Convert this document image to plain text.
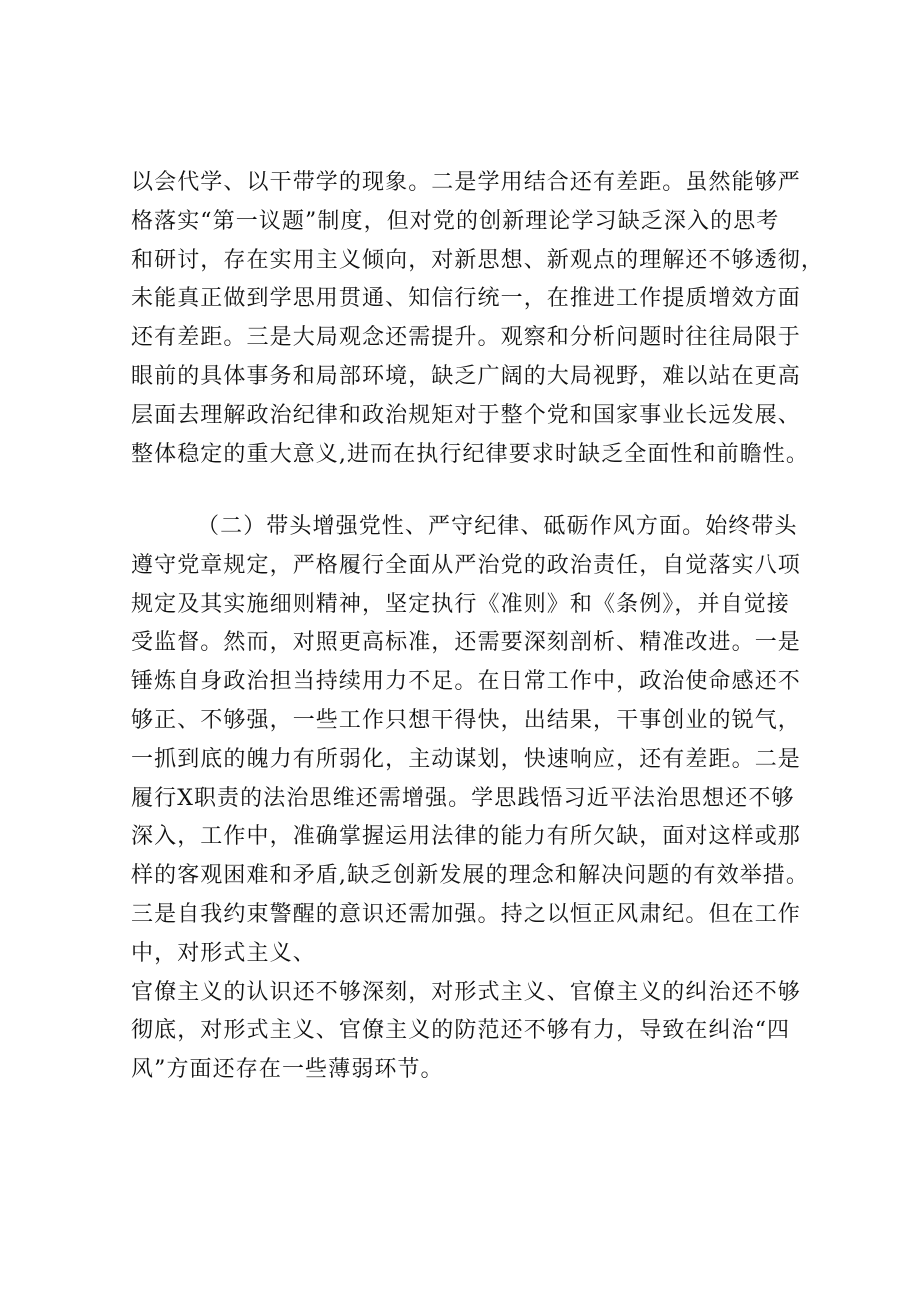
以会代学、以干带学的现象。二是学用结合还有差距。虽然能够严
格落实“第一议题”制度，但对党的创新理论学习缺乏深入的思考
和研讨，存在实用主义倾向，对新思想、新观点的理解还不够透彻，
未能真正做到学思用贯通、知信行统一，在推进工作提质增效方面
还有差距。三是大局观念还需提升。观察和分析问题时往往局限于
眼前的具体事务和局部环境，缺乏广阔的大局视野，难以站在更高
层面去理解政治纪律和政治规矩对于整个党和国家事业长远发展、
整体稳定的重大意义,进而在执行纪律要求时缺乏全面性和前瞻性。
（二）带头增强党性、严守纪律、砥砺作风方面。始终带头
遵守党章规定，严格履行全面从严治党的政治责任，自觉落实八项
规定及其实施细则精神，坚定执行《准则》和《条例》，并自觉接
受监督。然而，对照更高标准，还需要深刻剖析、精准改进。一是
锤炼自身政治担当持续用力不足。在日常工作中，政治使命感还不
够正、不够强，一些工作只想干得快，出结果，干事创业的锐气，
一抓到底的魄力有所弱化，主动谋划，快速响应，还有差距。二是
履行X职责的法治思维还需增强。学思践悟习近平法治思想还不够
深入，工作中，准确掌握运用法律的能力有所欠缺，面对这样或那
样的客观困难和矛盾,缺乏创新发展的理念和解决问题的有效举措。
三是自我约束警醒的意识还需加强。持之以恒正风肃纪。但在工作
中，对形式主义、
官僚主义的认识还不够深刻，对形式主义、官僚主义的纠治还不够
彻底，对形式主义、官僚主义的防范还不够有力，导致在纠治“四
风”方面还存在一些薄弱环节。
